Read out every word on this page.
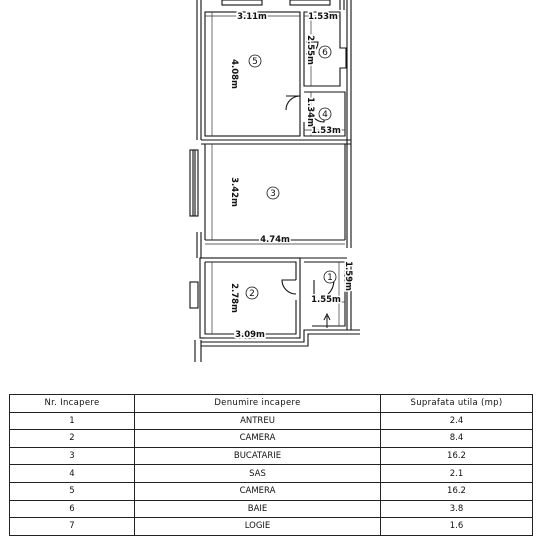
3.11m	1.53m
1.53m
4.74m
1.55m
3.09m
4.08m
2.55m
1.34m
3.42m
2.78m
1.59m
1
2
3
4
5
6
Nr. Incapere	Denumire incapere	Suprafata utila (mp)
1	ANTREU	2.4
2	CAMERA	8.4
3	BUCATARIE	16.2
4	SAS	2.1
5	CAMERA	16.2
6	BAIE	3.8
7	LOGIE	1.6
